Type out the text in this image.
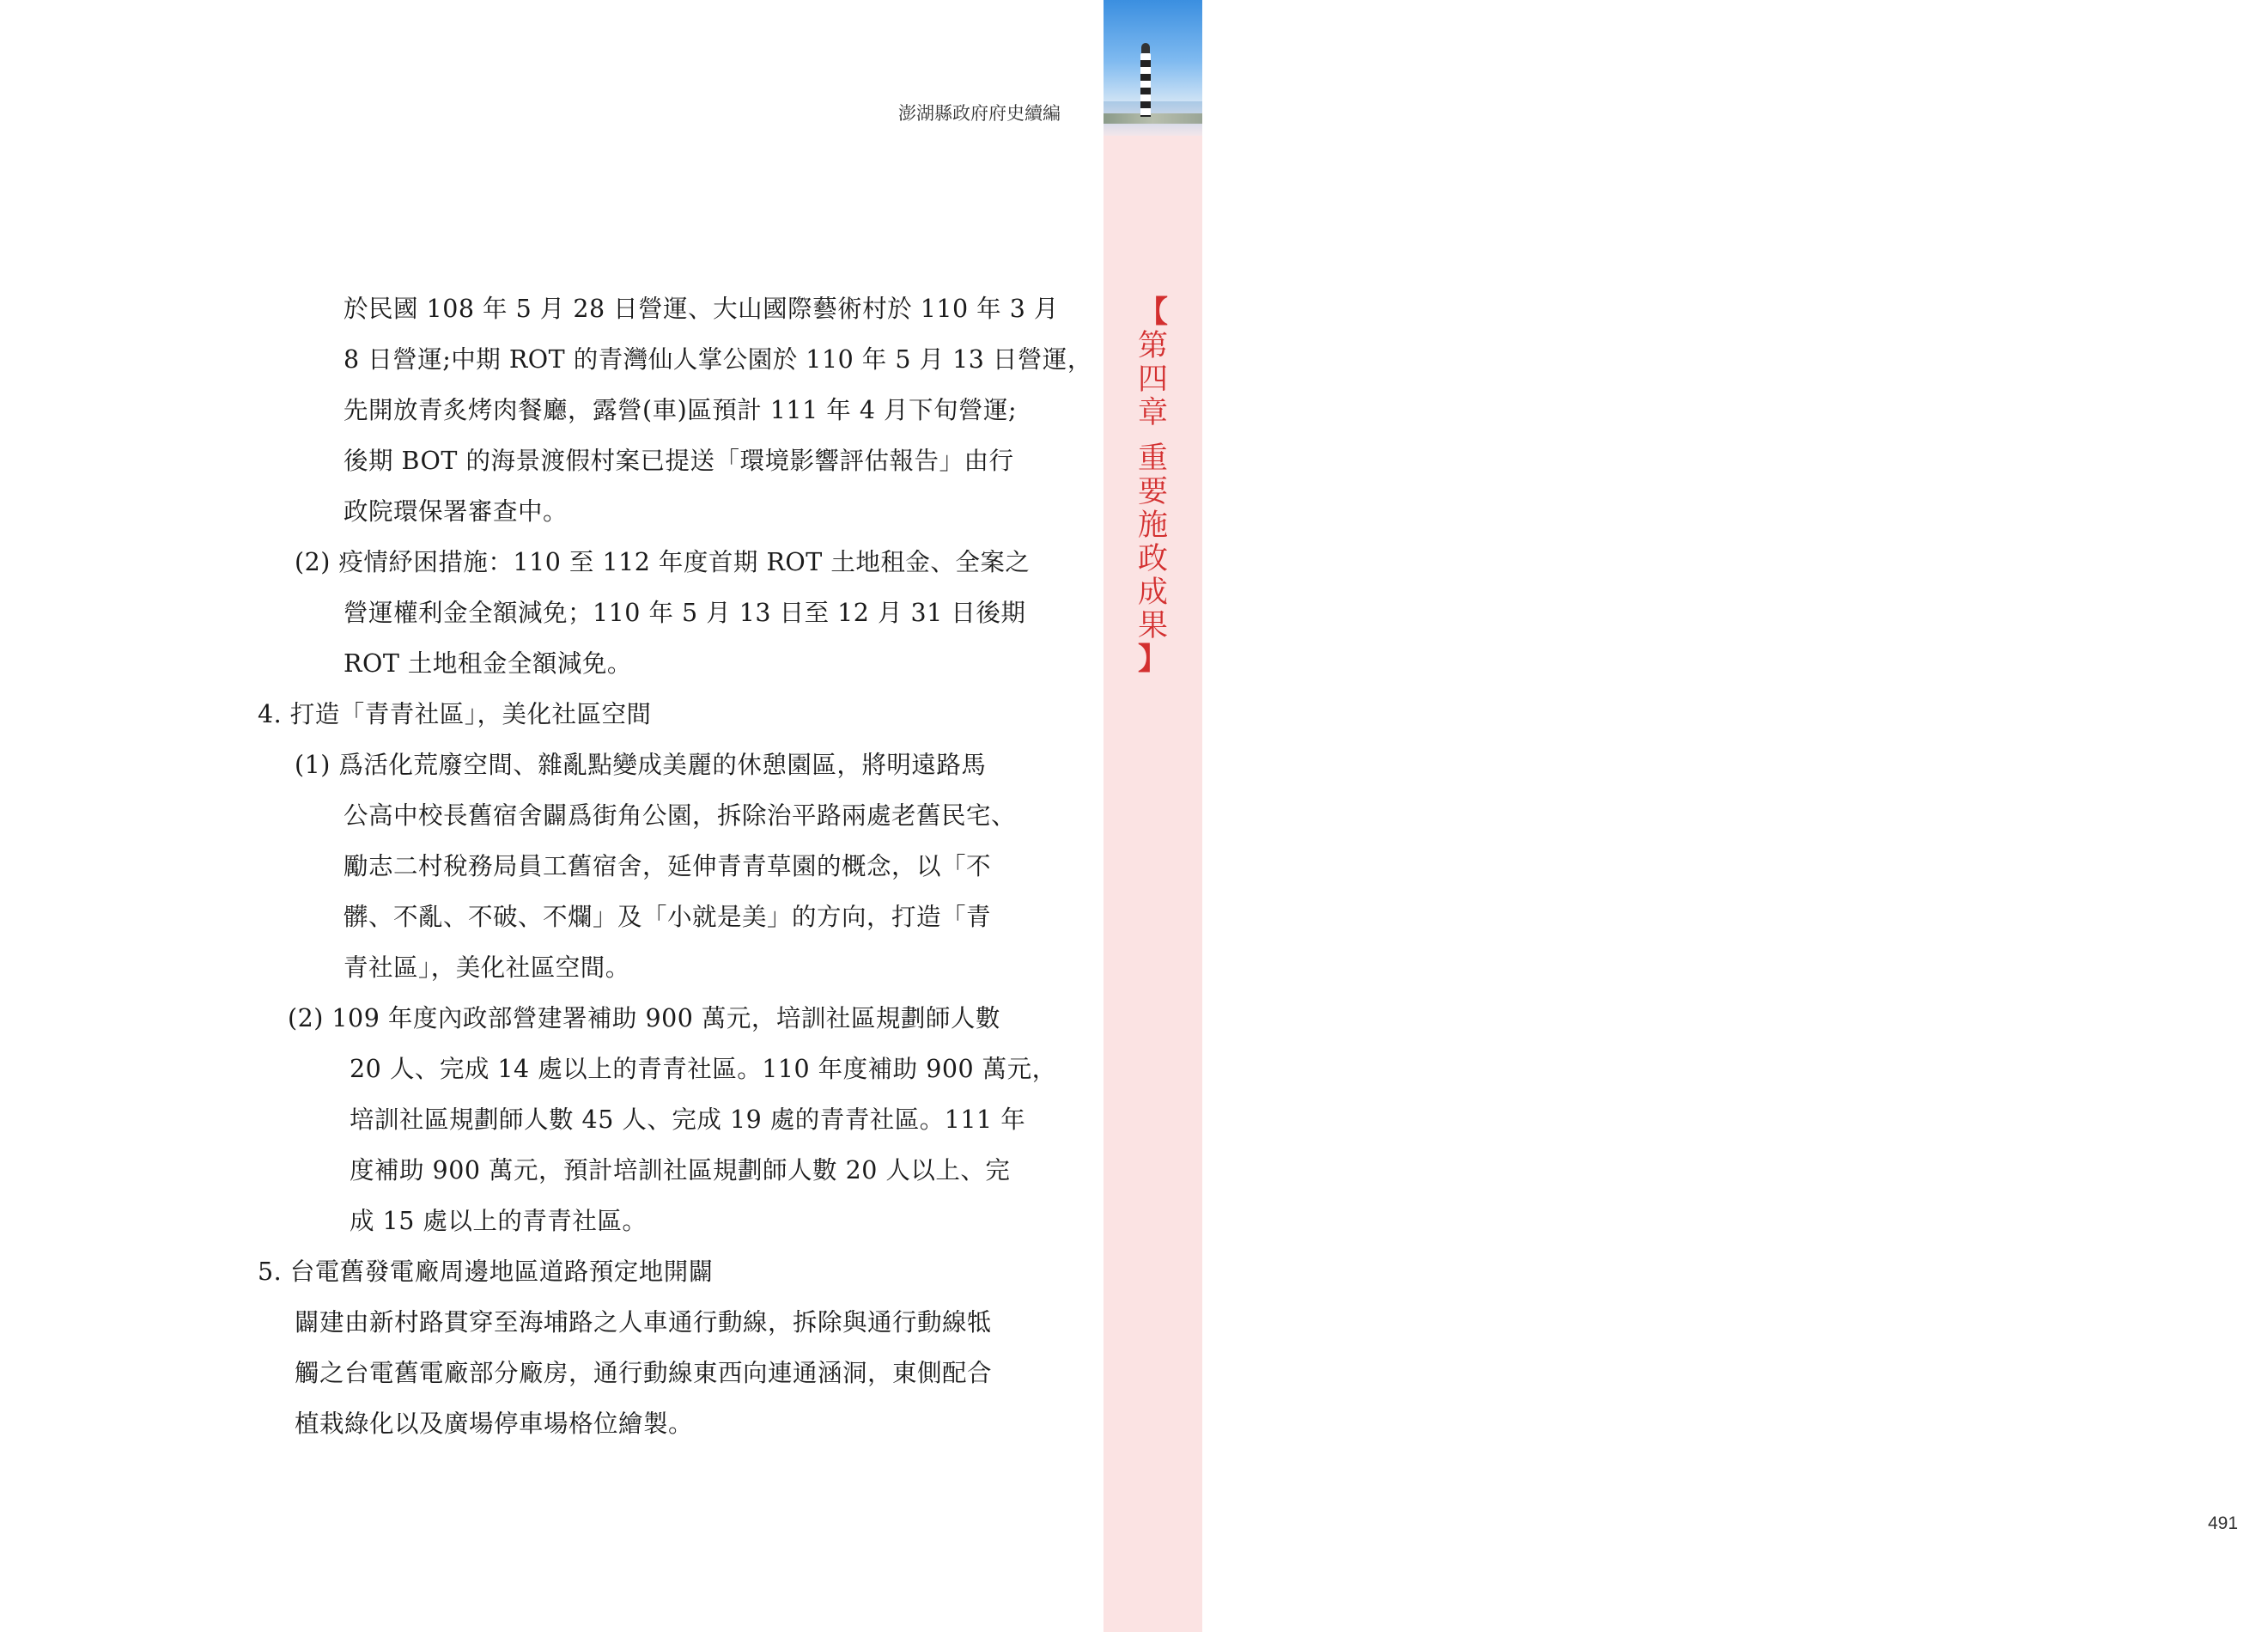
【
第
四
章
重
要
施
政
成
果
】
491
澎湖縣政府府史續編
於民國 108 年 5 月 28 日營運、大山國際藝術村於 110 年 3 月
8 日營運;中期 ROT 的青灣仙人掌公園於 110 年 5 月 13 日營運，
先開放青炙烤肉餐廳，露營(車)區預計 111 年 4 月下旬營運;
後期 BOT 的海景渡假村案已提送「環境影響評估報告」由行
政院環保署審查中。
(2) 疫情紓困措施：110 至 112 年度首期 ROT 土地租金、全案之
營運權利金全額減免；110 年 5 月 13 日至 12 月 31 日後期
ROT 土地租金全額減免。
4. 打造「青青社區」，美化社區空間
(1) 爲活化荒廢空間、雜亂點變成美麗的休憩園區，將明遠路馬
公高中校長舊宿舍闢爲街角公園，拆除治平路兩處老舊民宅、
勵志二村稅務局員工舊宿舍，延伸青青草園的概念，以「不
髒、不亂、不破、不爛」及「小就是美」的方向，打造「青
青社區」，美化社區空間。
(2) 109 年度內政部營建署補助 900 萬元，培訓社區規劃師人數
20 人、完成 14 處以上的青青社區。110 年度補助 900 萬元，
培訓社區規劃師人數 45 人、完成 19 處的青青社區。111 年
度補助 900 萬元，預計培訓社區規劃師人數 20 人以上、完
成 15 處以上的青青社區。
5. 台電舊發電廠周邊地區道路預定地開闢
闢建由新村路貫穿至海埔路之人車通行動線，拆除與通行動線牴
觸之台電舊電廠部分廠房，通行動線東西向連通涵洞，東側配合
植栽綠化以及廣場停車場格位繪製。
